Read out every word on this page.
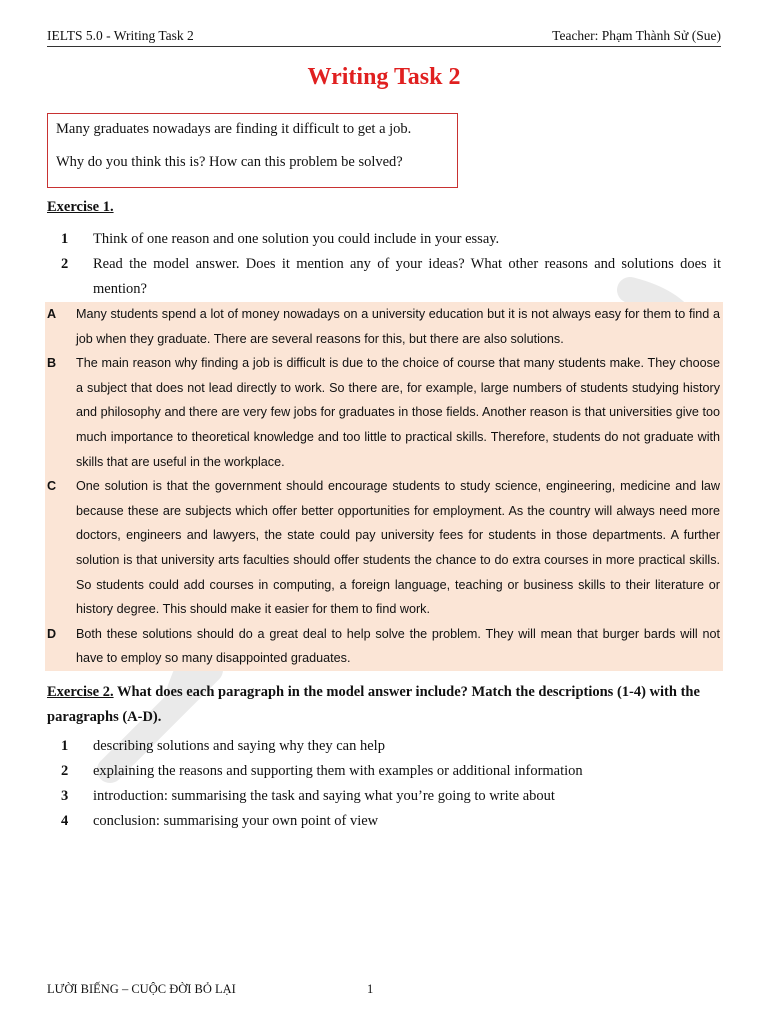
IELTS 5.0 - Writing Task 2	Teacher: Phạm Thành Sử (Sue)
Writing Task 2

Many graduates nowadays are finding it difficult to get a job.

Why do you think this is? How can this problem be solved?

Exercise 1.
1	Think of one reason and one solution you could include in your essay.
2	Read the model answer. Does it mention any of your ideas? What other reasons and solutions does it mention?
A	Many students spend a lot of money nowadays on a university education but it is not always easy for them to find a job when they graduate. There are several reasons for this, but there are also solutions.
B	The main reason why finding a job is difficult is due to the choice of course that many students make. They choose a subject that does not lead directly to work. So there are, for example, large numbers of students studying history and philosophy and there are very few jobs for graduates in those fields. Another reason is that universities give too much importance to theoretical knowledge and too little to practical skills. Therefore, students do not graduate with skills that are useful in the workplace.
C	One solution is that the government should encourage students to study science, engineering, medicine and law because these are subjects which offer better opportunities for employment. As the country will always need more doctors, engineers and lawyers, the state could pay university fees for students in those departments. A further solution is that university arts faculties should offer students the chance to do extra courses in more practical skills. So students could add courses in computing, a foreign language, teaching or business skills to their literature or history degree. This should make it easier for them to find work.
D	Both these solutions should do a great deal to help solve the problem. They will mean that burger bards will not have to employ so many disappointed graduates.
Exercise 2. What does each paragraph in the model answer include? Match the descriptions (1-4) with the paragraphs (A-D).
1	describing solutions and saying why they can help
2	explaining the reasons and supporting them with examples or additional information
3	introduction: summarising the task and saying what you’re going to write about
4	conclusion: summarising your own point of view
LƯỜI BIẾNG – CUỘC ĐỜI BỎ LẠI	1
